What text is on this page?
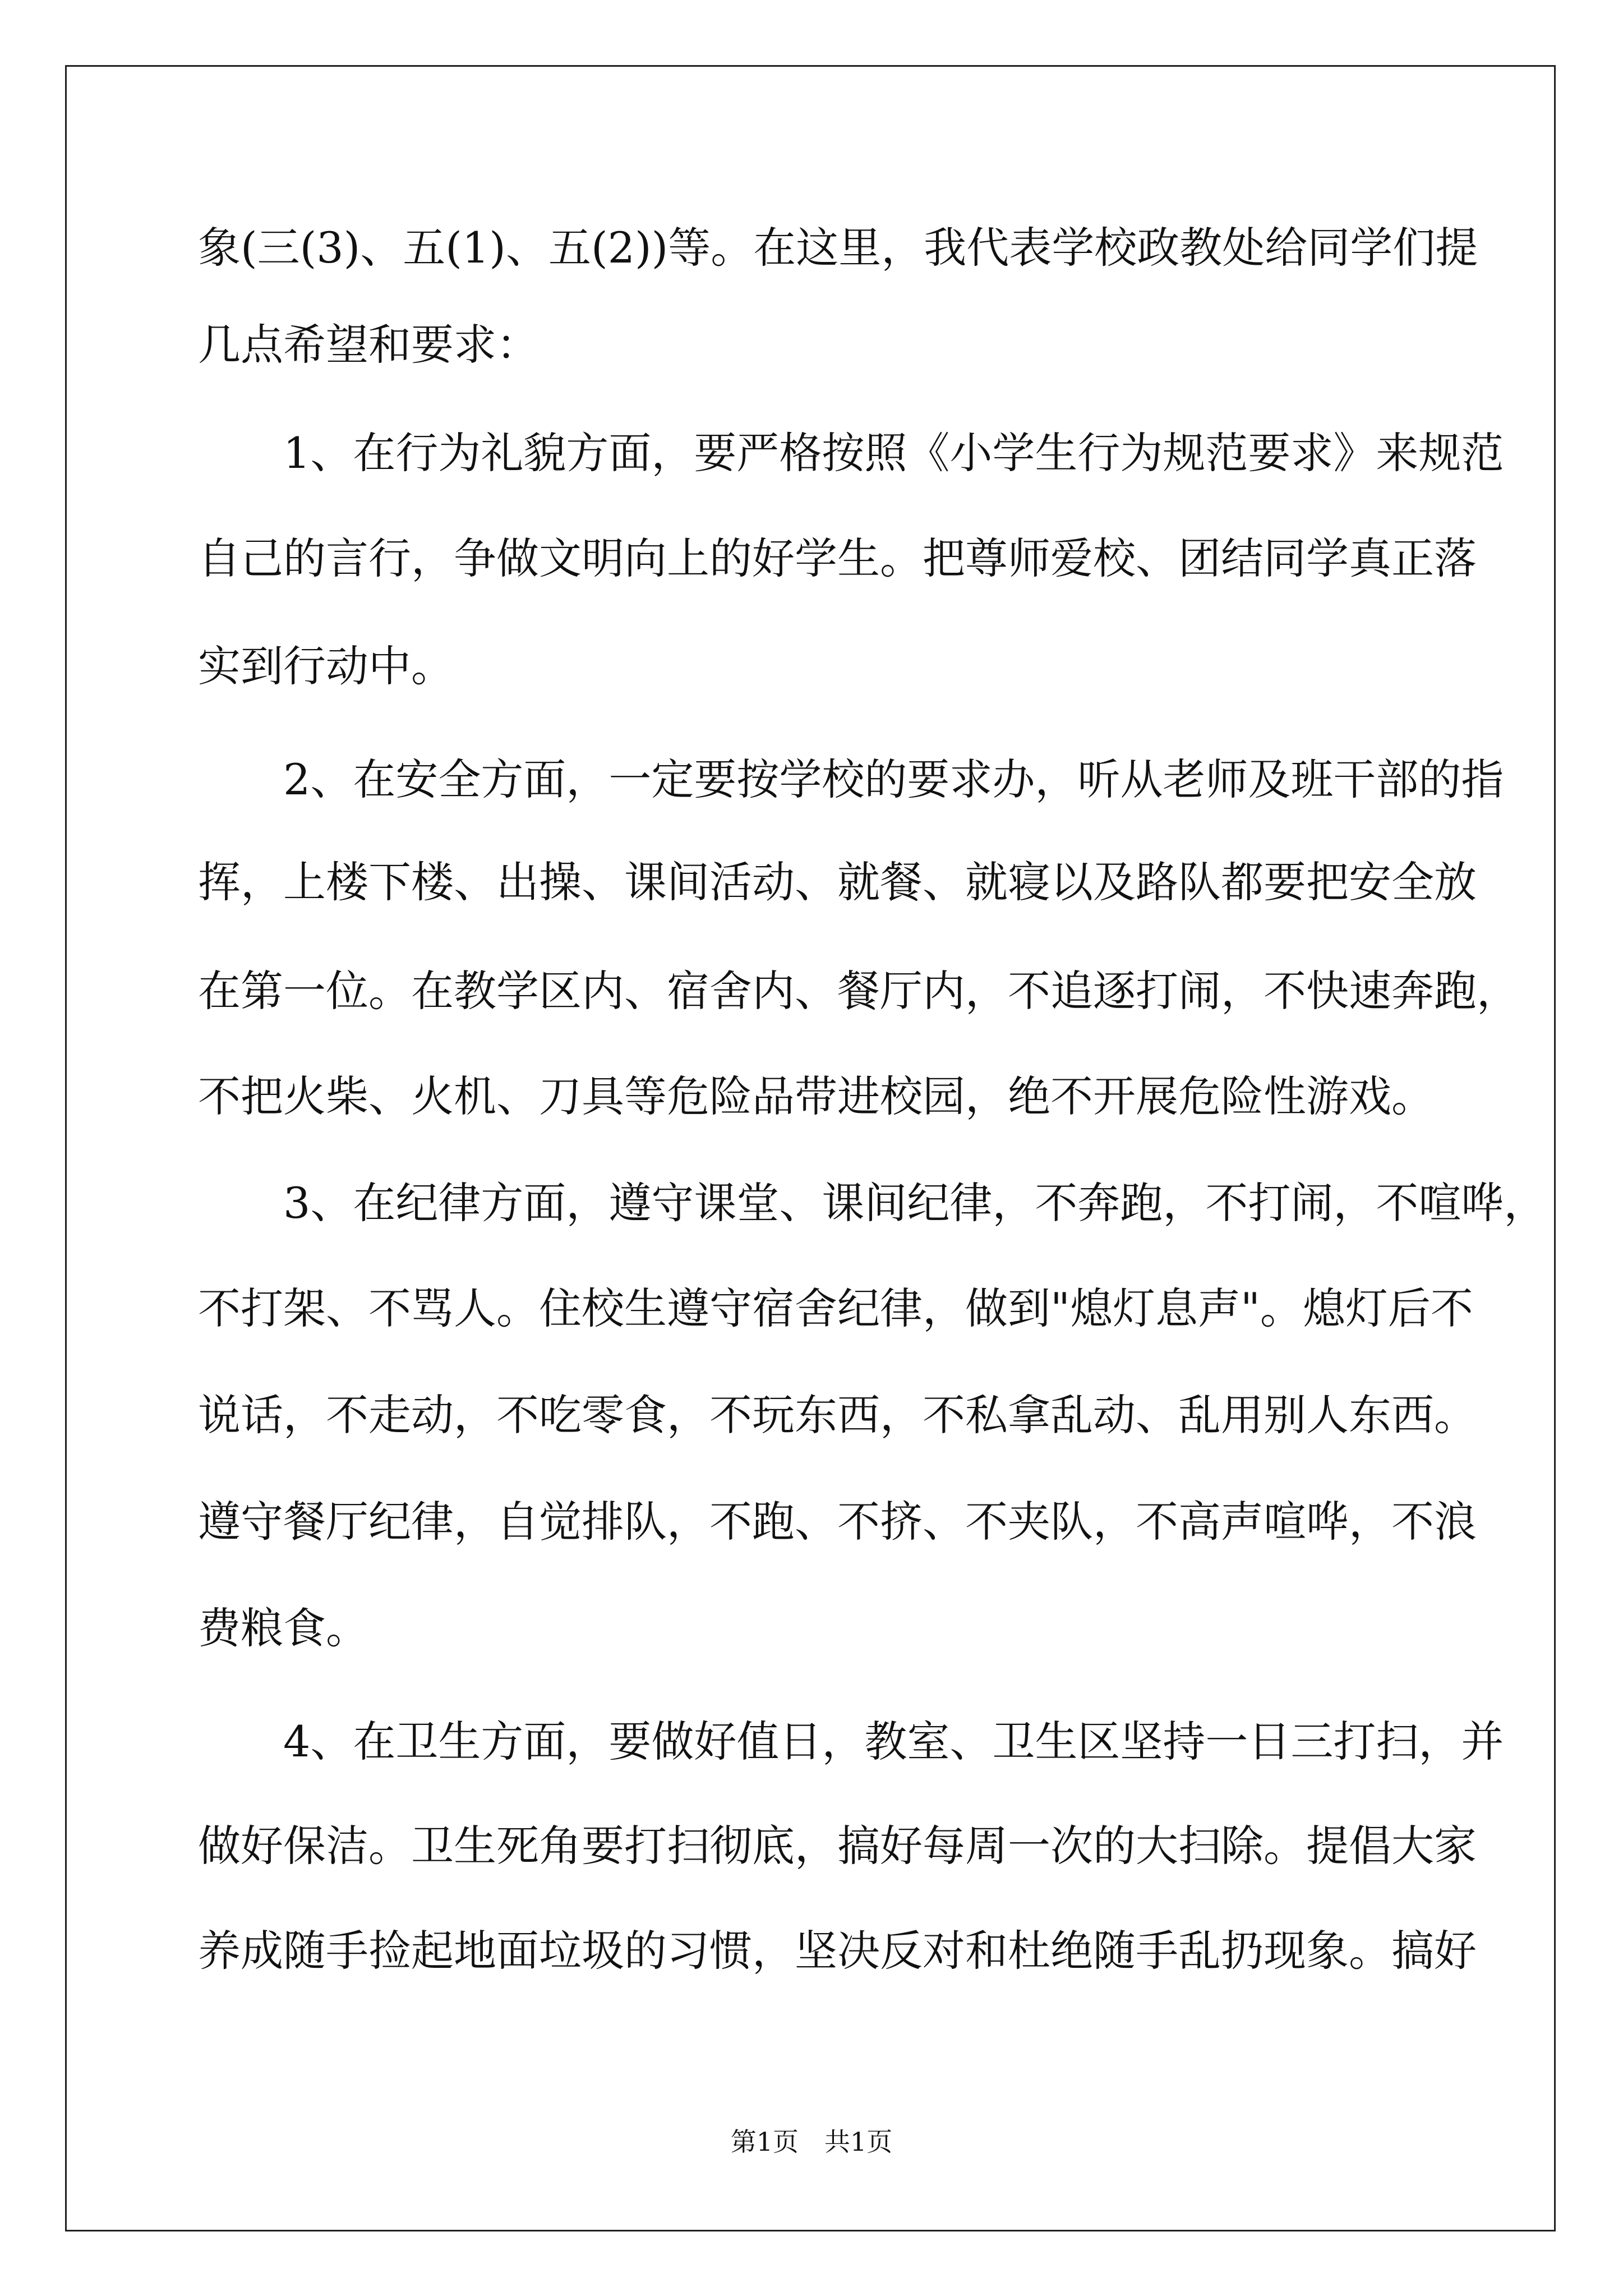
象(三(3)、五(1)、五(2))等。在这里，我代表学校政教处给同学们提
几点希望和要求：
　　1、在行为礼貌方面，要严格按照《小学生行为规范要求》来规范
自己的言行，争做文明向上的好学生。把尊师爱校、团结同学真正落
实到行动中。
　　2、在安全方面，一定要按学校的要求办，听从老师及班干部的指
挥，上楼下楼、出操、课间活动、就餐、就寝以及路队都要把安全放
在第一位。在教学区内、宿舍内、餐厅内，不追逐打闹，不快速奔跑，
不把火柴、火机、刀具等危险品带进校园，绝不开展危险性游戏。
　　3、在纪律方面，遵守课堂、课间纪律，不奔跑，不打闹，不喧哗，
不打架、不骂人。住校生遵守宿舍纪律，做到"熄灯息声"。熄灯后不
说话，不走动，不吃零食，不玩东西，不私拿乱动、乱用别人东西。
遵守餐厅纪律，自觉排队，不跑、不挤、不夹队，不高声喧哗，不浪
费粮食。
　　4、在卫生方面，要做好值日，教室、卫生区坚持一日三打扫，并
做好保洁。卫生死角要打扫彻底，搞好每周一次的大扫除。提倡大家
养成随手捡起地面垃圾的习惯，坚决反对和杜绝随手乱扔现象。搞好
第1页　共1页
